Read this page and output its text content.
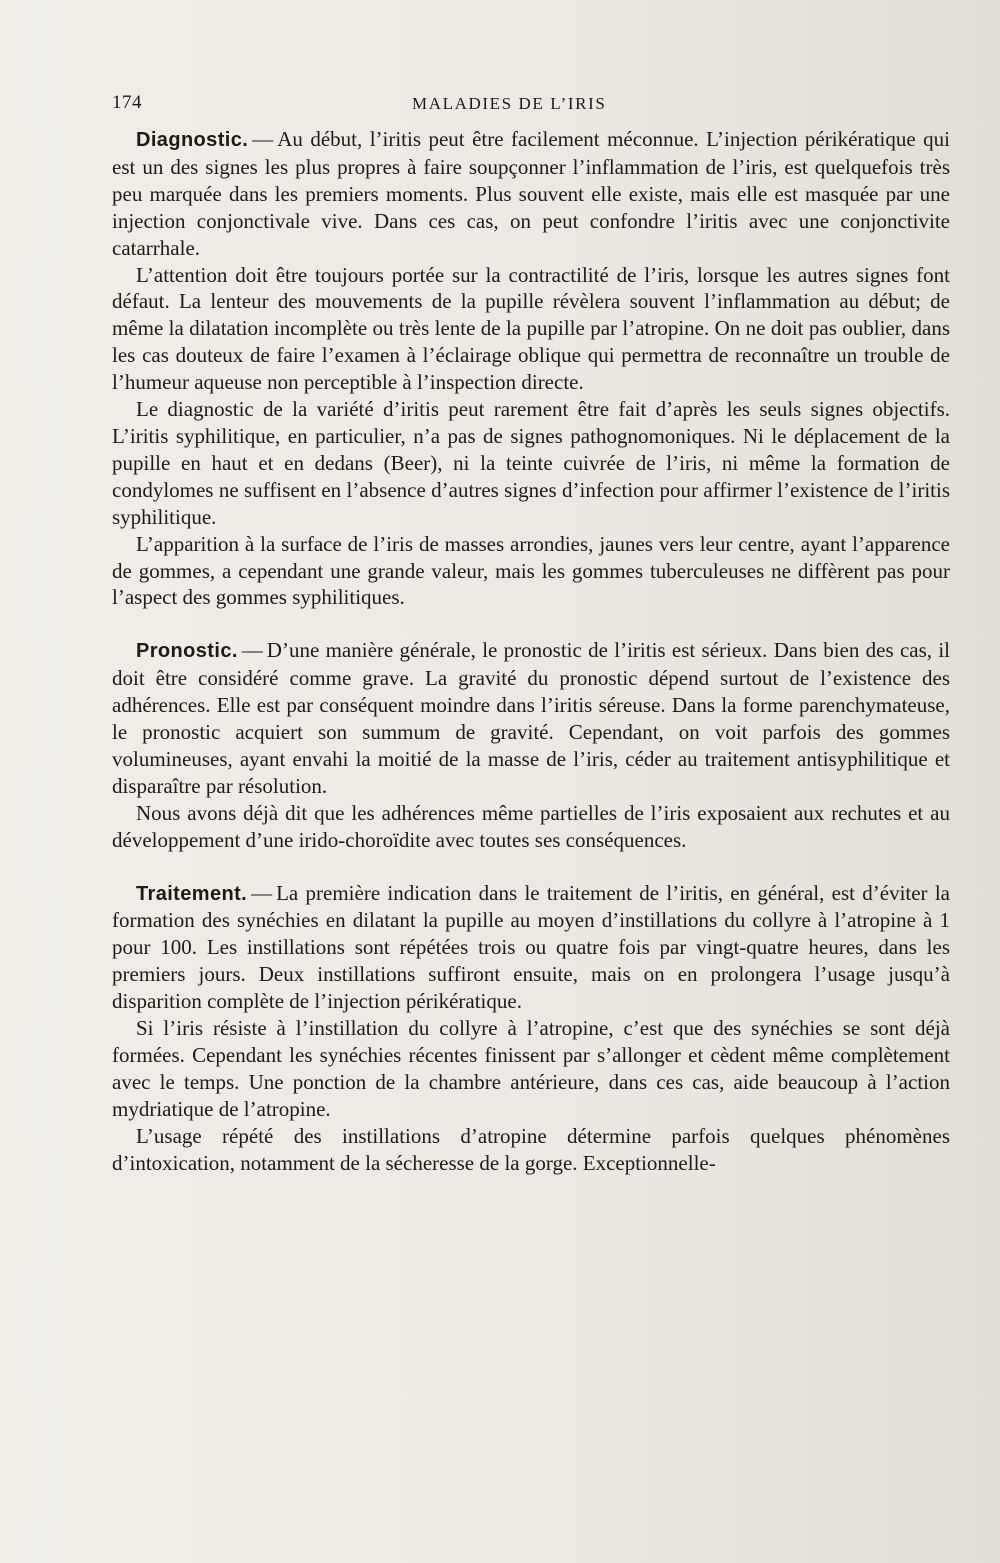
174	MALADIES DE L’IRIS

Diagnostic. — Au début, l’iritis peut être facilement méconnue. L’injection périkératique qui est un des signes les plus propres à faire soupçonner l’inflammation de l’iris, est quelquefois très peu marquée dans les premiers moments. Plus souvent elle existe, mais elle est masquée par une injection conjonctivale vive. Dans ces cas, on peut confondre l’iritis avec une conjonctivite catarrhale.

L’attention doit être toujours portée sur la contractilité de l’iris, lorsque les autres signes font défaut. La lenteur des mouvements de la pupille révèlera souvent l’inflammation au début; de même la dilatation incomplète ou très lente de la pupille par l’atropine. On ne doit pas oublier, dans les cas douteux de faire l’examen à l’éclairage oblique qui permettra de reconnaître un trouble de l’humeur aqueuse non perceptible à l’inspection directe.

Le diagnostic de la variété d’iritis peut rarement être fait d’après les seuls signes objectifs. L’iritis syphilitique, en particulier, n’a pas de signes pathognomoniques. Ni le déplacement de la pupille en haut et en dedans (Beer), ni la teinte cuivrée de l’iris, ni même la formation de condylomes ne suffisent en l’absence d’autres signes d’infection pour affirmer l’existence de l’iritis syphilitique.

L’apparition à la surface de l’iris de masses arrondies, jaunes vers leur centre, ayant l’apparence de gommes, a cependant une grande valeur, mais les gommes tuberculeuses ne diffèrent pas pour l’aspect des gommes syphilitiques.

Pronostic. — D’une manière générale, le pronostic de l’iritis est sérieux. Dans bien des cas, il doit être considéré comme grave. La gravité du pronostic dépend surtout de l’existence des adhérences. Elle est par conséquent moindre dans l’iritis séreuse. Dans la forme parenchymateuse, le pronostic acquiert son summum de gravité. Cependant, on voit parfois des gommes volumineuses, ayant envahi la moitié de la masse de l’iris, céder au traitement antisyphilitique et disparaître par résolution.

Nous avons déjà dit que les adhérences même partielles de l’iris exposaient aux rechutes et au développement d’une irido-choroïdite avec toutes ses conséquences.

Traitement. — La première indication dans le traitement de l’iritis, en général, est d’éviter la formation des synéchies en dilatant la pupille au moyen d’instillations du collyre à l’atropine à 1 pour 100. Les instillations sont répétées trois ou quatre fois par vingt-quatre heures, dans les premiers jours. Deux instillations suffiront ensuite, mais on en prolongera l’usage jusqu’à disparition complète de l’injection périkératique.

Si l’iris résiste à l’instillation du collyre à l’atropine, c’est que des synéchies se sont déjà formées. Cependant les synéchies récentes finissent par s’allonger et cèdent même complètement avec le temps. Une ponction de la chambre antérieure, dans ces cas, aide beaucoup à l’action mydriatique de l’atropine.

L’usage répété des instillations d’atropine détermine parfois quelques phénomènes d’intoxication, notamment de la sécheresse de la gorge. Exceptionnelle-
